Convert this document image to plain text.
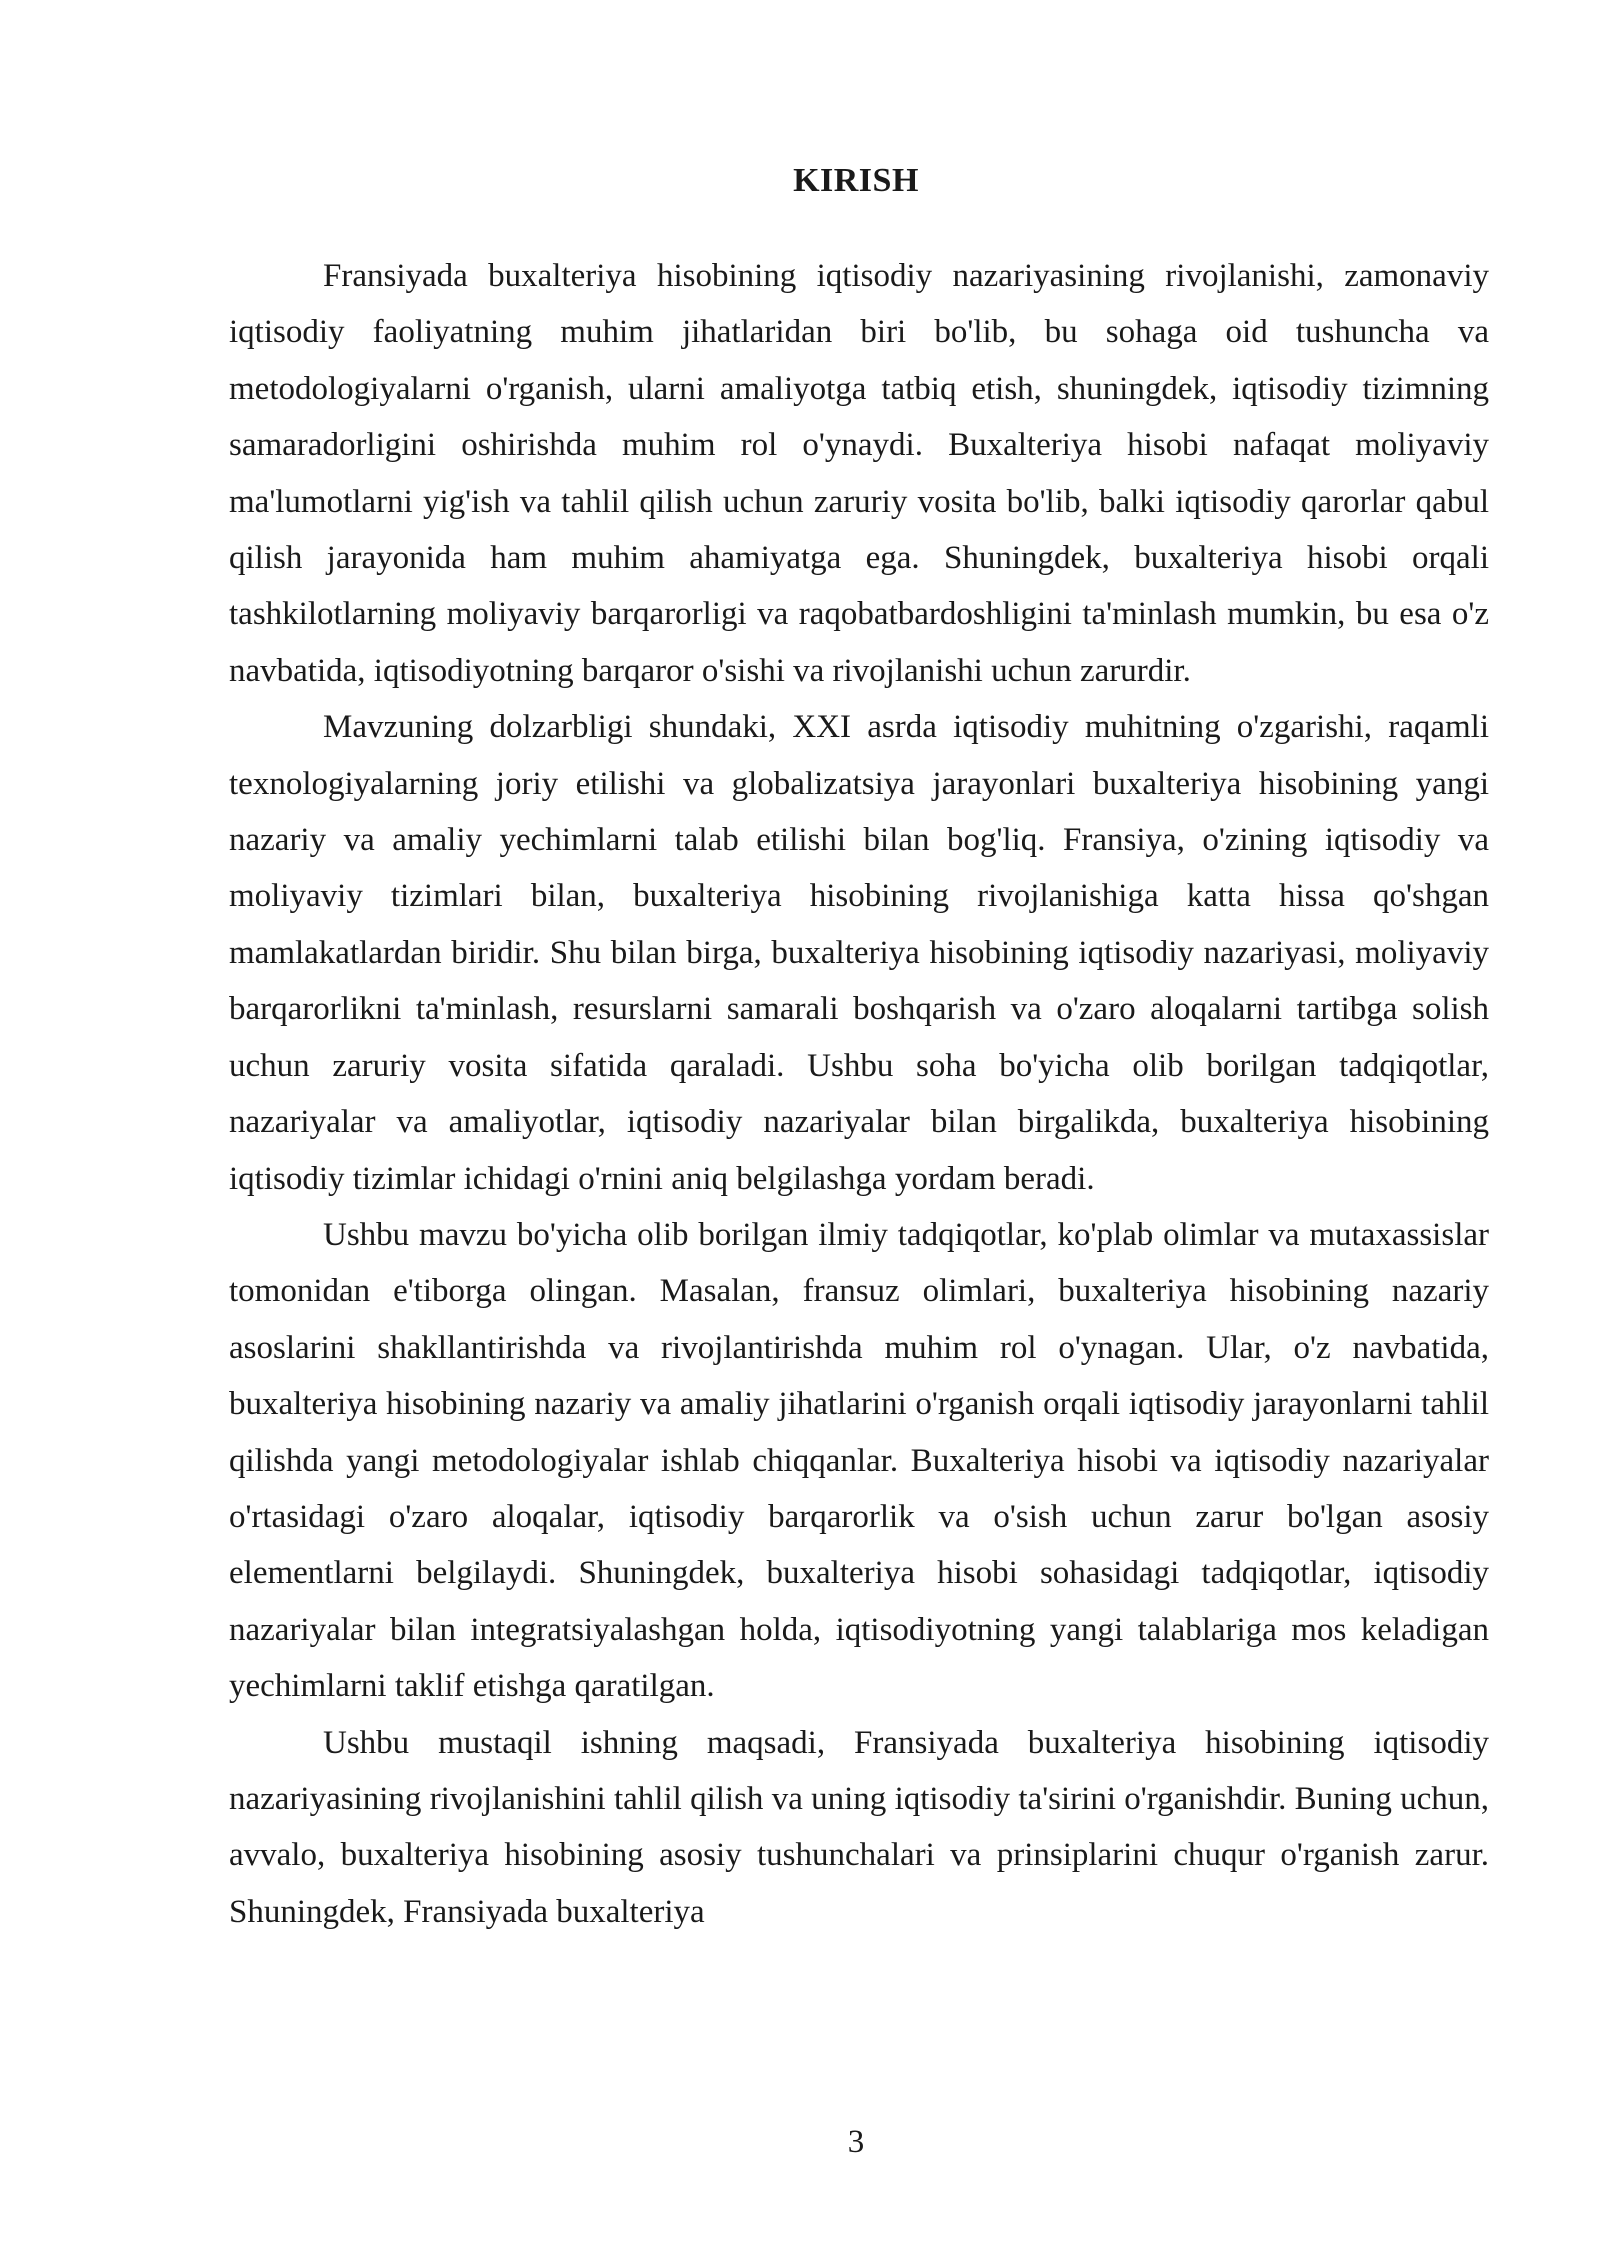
KIRISH

Fransiyada buxalteriya hisobining iqtisodiy nazariyasining rivojlanishi, zamonaviy iqtisodiy faoliyatning muhim jihatlaridan biri bo'lib, bu sohaga oid tushuncha va metodologiyalarni o'rganish, ularni amaliyotga tatbiq etish, shuningdek, iqtisodiy tizimning samaradorligini oshirishda muhim rol o'ynaydi. Buxalteriya hisobi nafaqat moliyaviy ma'lumotlarni yig'ish va tahlil qilish uchun zaruriy vosita bo'lib, balki iqtisodiy qarorlar qabul qilish jarayonida ham muhim ahamiyatga ega. Shuningdek, buxalteriya hisobi orqali tashkilotlarning moliyaviy barqarorligi va raqobatbardoshligini ta'minlash mumkin, bu esa o'z navbatida, iqtisodiyotning barqaror o'sishi va rivojlanishi uchun zarurdir.

Mavzuning dolzarbligi shundaki, XXI asrda iqtisodiy muhitning o'zgarishi, raqamli texnologiyalarning joriy etilishi va globalizatsiya jarayonlari buxalteriya hisobining yangi nazariy va amaliy yechimlarni talab etilishi bilan bog'liq. Fransiya, o'zining iqtisodiy va moliyaviy tizimlari bilan, buxalteriya hisobining rivojlanishiga katta hissa qo'shgan mamlakatlardan biridir. Shu bilan birga, buxalteriya hisobining iqtisodiy nazariyasi, moliyaviy barqarorlikni ta'minlash, resurslarni samarali boshqarish va o'zaro aloqalarni tartibga solish uchun zaruriy vosita sifatida qaraladi. Ushbu soha bo'yicha olib borilgan tadqiqotlar, nazariyalar va amaliyotlar, iqtisodiy nazariyalar bilan birgalikda, buxalteriya hisobining iqtisodiy tizimlar ichidagi o'rnini aniq belgilashga yordam beradi.

Ushbu mavzu bo'yicha olib borilgan ilmiy tadqiqotlar, ko'plab olimlar va mutaxassislar tomonidan e'tiborga olingan. Masalan, fransuz olimlari, buxalteriya hisobining nazariy asoslarini shakllantirishda va rivojlantirishda muhim rol o'ynagan. Ular, o'z navbatida, buxalteriya hisobining nazariy va amaliy jihatlarini o'rganish orqali iqtisodiy jarayonlarni tahlil qilishda yangi metodologiyalar ishlab chiqqanlar. Buxalteriya hisobi va iqtisodiy nazariyalar o'rtasidagi o'zaro aloqalar, iqtisodiy barqarorlik va o'sish uchun zarur bo'lgan asosiy elementlarni belgilaydi. Shuningdek, buxalteriya hisobi sohasidagi tadqiqotlar, iqtisodiy nazariyalar bilan integratsiyalashgan holda, iqtisodiyotning yangi talablariga mos keladigan yechimlarni taklif etishga qaratilgan.

Ushbu mustaqil ishning maqsadi, Fransiyada buxalteriya hisobining iqtisodiy nazariyasining rivojlanishini tahlil qilish va uning iqtisodiy ta'sirini o'rganishdir. Buning uchun, avvalo, buxalteriya hisobining asosiy tushunchalari va prinsiplarini chuqur o'rganish zarur. Shuningdek, Fransiyada buxalteriya

3
